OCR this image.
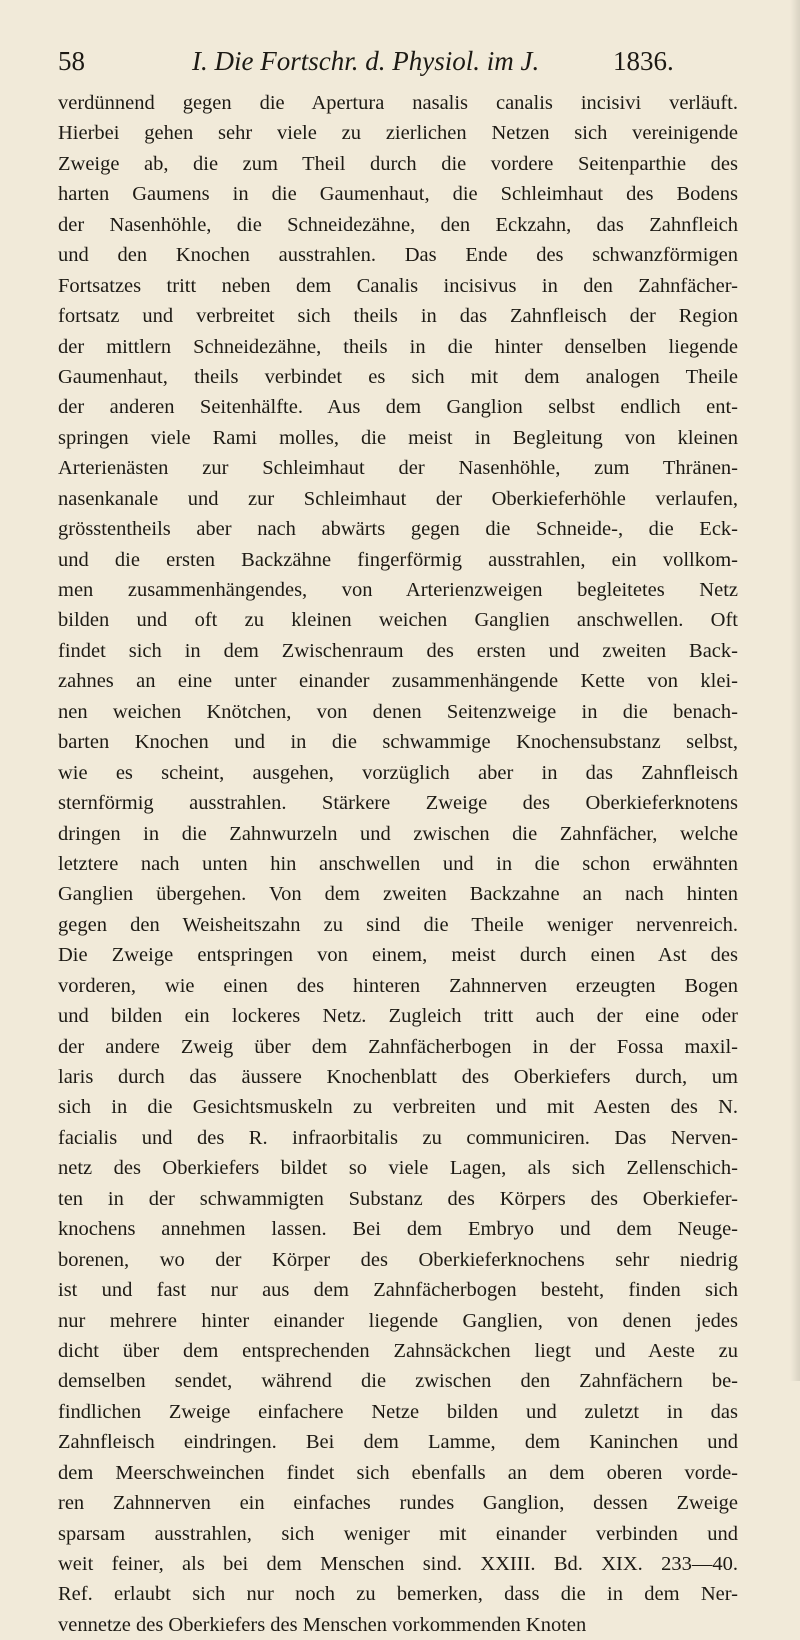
58	I. Die Fortschr. d. Physiol. im J.	1836.
verdünnend gegen die Apertura nasalis canalis incisivi verläuft.
Hierbei gehen sehr viele zu zierlichen Netzen sich vereinigende
Zweige ab, die zum Theil durch die vordere Seitenparthie des
harten Gaumens in die Gaumenhaut, die Schleimhaut des Bodens
der Nasenhöhle, die Schneidezähne, den Eckzahn, das Zahnfleich
und den Knochen ausstrahlen. Das Ende des schwanzförmigen
Fortsatzes tritt neben dem Canalis incisivus in den Zahnfächer-
fortsatz und verbreitet sich theils in das Zahnfleisch der Region
der mittlern Schneidezähne, theils in die hinter denselben liegende
Gaumenhaut, theils verbindet es sich mit dem analogen Theile
der anderen Seitenhälfte. Aus dem Ganglion selbst endlich ent-
springen viele Rami molles, die meist in Begleitung von kleinen
Arterienästen zur Schleimhaut der Nasenhöhle, zum Thränen-
nasenkanale und zur Schleimhaut der Oberkieferhöhle verlaufen,
grösstentheils aber nach abwärts gegen die Schneide-, die Eck-
und die ersten Backzähne fingerförmig ausstrahlen, ein vollkom-
men zusammenhängendes, von Arterienzweigen begleitetes Netz
bilden und oft zu kleinen weichen Ganglien anschwellen. Oft
findet sich in dem Zwischenraum des ersten und zweiten Back-
zahnes an eine unter einander zusammenhängende Kette von klei-
nen weichen Knötchen, von denen Seitenzweige in die benach-
barten Knochen und in die schwammige Knochensubstanz selbst,
wie es scheint, ausgehen, vorzüglich aber in das Zahnfleisch
sternförmig ausstrahlen. Stärkere Zweige des Oberkieferknotens
dringen in die Zahnwurzeln und zwischen die Zahnfächer, welche
letztere nach unten hin anschwellen und in die schon erwähnten
Ganglien übergehen. Von dem zweiten Backzahne an nach hinten
gegen den Weisheitszahn zu sind die Theile weniger nervenreich.
Die Zweige entspringen von einem, meist durch einen Ast des
vorderen, wie einen des hinteren Zahnnerven erzeugten Bogen
und bilden ein lockeres Netz. Zugleich tritt auch der eine oder
der andere Zweig über dem Zahnfächerbogen in der Fossa maxil-
laris durch das äussere Knochenblatt des Oberkiefers durch, um
sich in die Gesichtsmuskeln zu verbreiten und mit Aesten des N.
facialis und des R. infraorbitalis zu communiciren. Das Nerven-
netz des Oberkiefers bildet so viele Lagen, als sich Zellenschich-
ten in der schwammigten Substanz des Körpers des Oberkiefer-
knochens annehmen lassen. Bei dem Embryo und dem Neuge-
borenen, wo der Körper des Oberkieferknochens sehr niedrig
ist und fast nur aus dem Zahnfächerbogen besteht, finden sich
nur mehrere hinter einander liegende Ganglien, von denen jedes
dicht über dem entsprechenden Zahnsäckchen liegt und Aeste zu
demselben sendet, während die zwischen den Zahnfächern be-
findlichen Zweige einfachere Netze bilden und zuletzt in das
Zahnfleisch eindringen. Bei dem Lamme, dem Kaninchen und
dem Meerschweinchen findet sich ebenfalls an dem oberen vorde-
ren Zahnnerven ein einfaches rundes Ganglion, dessen Zweige
sparsam ausstrahlen, sich weniger mit einander verbinden und
weit feiner, als bei dem Menschen sind. XXIII. Bd. XIX. 233—40.
Ref. erlaubt sich nur noch zu bemerken, dass die in dem Ner-
vennetze des Oberkiefers des Menschen vorkommenden Knoten
